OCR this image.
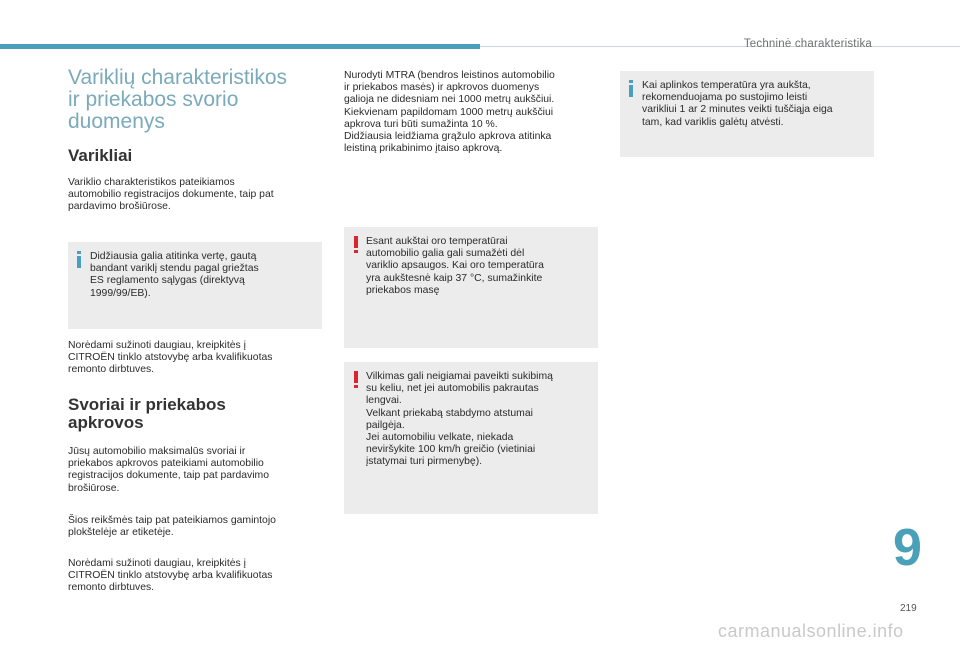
Techninė charakteristika
Variklių charakteristikos
ir priekabos svorio
duomenys
Varikliai

Variklio charakteristikos pateikiamos
automobilio registracijos dokumente, taip pat
pardavimo brošiūrose.

Didžiausia galia atitinka vertę, gautą
bandant variklį stendu pagal griežtas
ES reglamento sąlygas (direktyvą
1999/99/EB).

Norėdami sužinoti daugiau, kreipkitės į
CITROËN tinklo atstovybę arba kvalifikuotas
remonto dirbtuves.

Svoriai ir priekabos
apkrovos

Jūsų automobilio maksimalūs svoriai ir
priekabos apkrovos pateikiami automobilio
registracijos dokumente, taip pat pardavimo
brošiūrose.

Šios reikšmės taip pat pateikiamos gamintojo
plokštelėje ar etiketėje.

Norėdami sužinoti daugiau, kreipkitės į
CITROËN tinklo atstovybę arba kvalifikuotas
remonto dirbtuves.

Nurodyti MTRA (bendros leistinos automobilio
ir priekabos masės) ir apkrovos duomenys
galioja ne didesniam nei 1000 metrų aukščiui.
Kiekvienam papildomam 1000 metrų aukščiui
apkrova turi būti sumažinta 10 %.
Didžiausia leidžiama grąžulo apkrova atitinka
leistiną prikabinimo įtaiso apkrovą.

Esant aukštai oro temperatūrai
automobilio galia gali sumažėti dėl
variklio apsaugos. Kai oro temperatūra
yra aukštesnė kaip 37 °C, sumažinkite
priekabos masę
Vilkimas gali neigiamai paveikti sukibimą
su keliu, net jei automobilis pakrautas
lengvai.
Velkant priekabą stabdymo atstumai
pailgėja.
Jei automobiliu velkate, niekada
neviršykite 100 km/h greičio (vietiniai
įstatymai turi pirmenybę).
Kai aplinkos temperatūra yra aukšta,
rekomenduojama po sustojimo leisti
varikliui 1 ar 2 minutes veikti tuščiąja eiga
tam, kad variklis galėtų atvėsti.
9
219
carmanualsonline.info
